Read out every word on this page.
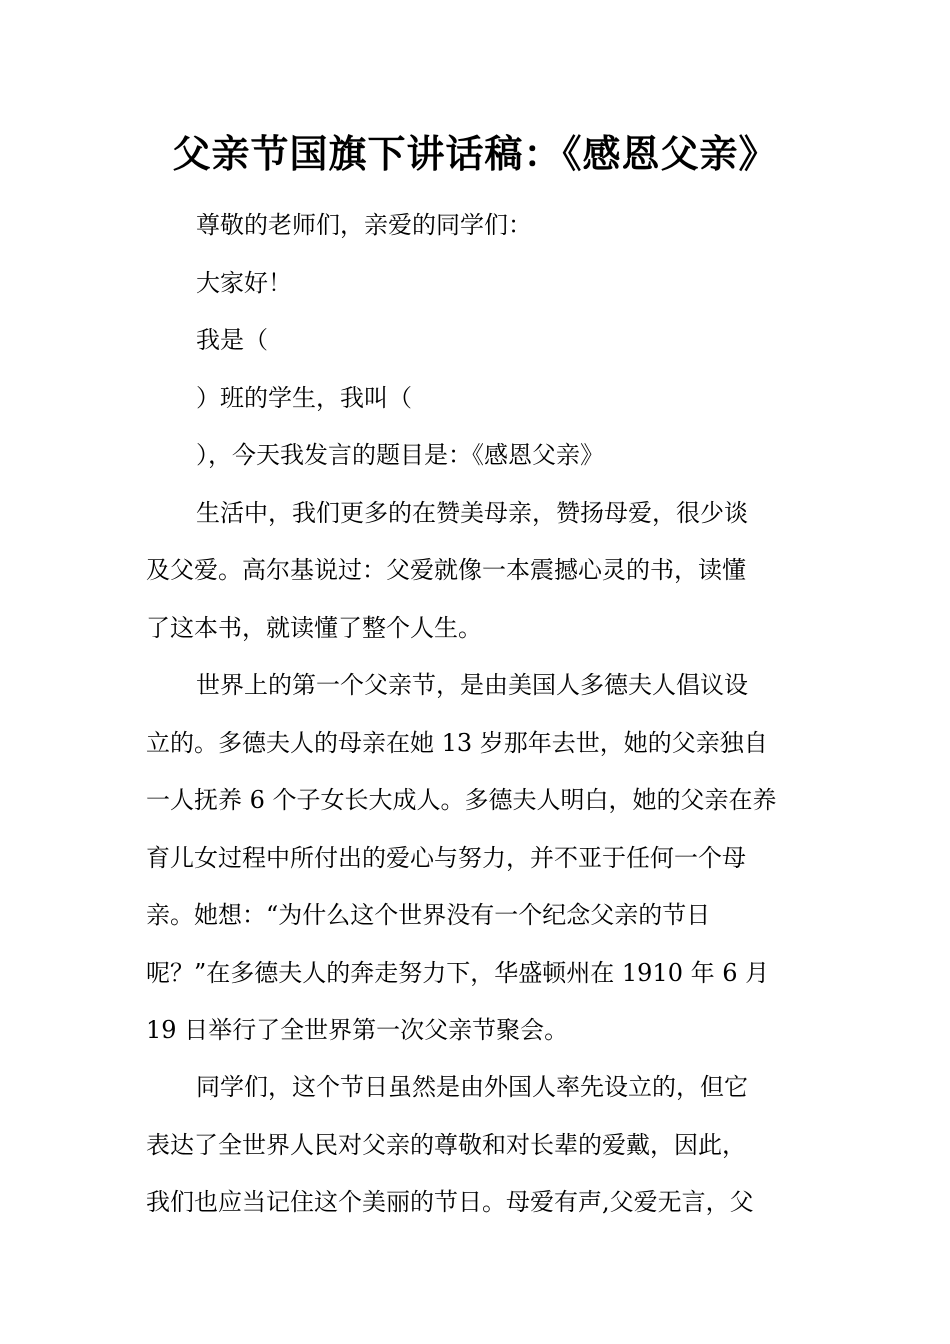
父亲节国旗下讲话稿：《感恩父亲》

尊敬的老师们，亲爱的同学们：

大家好！

我是（

）班的学生，我叫（

），今天我发言的题目是：《感恩父亲》

生活中，我们更多的在赞美母亲，赞扬母爱，很少谈

及父爱。高尔基说过：父爱就像一本震撼心灵的书，读懂

了这本书，就读懂了整个人生。

世界上的第一个父亲节，是由美国人多德夫人倡议设

立的。多德夫人的母亲在她 13 岁那年去世，她的父亲独自

一人抚养 6 个子女长大成人。多德夫人明白，她的父亲在养

育儿女过程中所付出的爱心与努力，并不亚于任何一个母

亲。她想：“为什么这个世界没有一个纪念父亲的节日

呢？”在多德夫人的奔走努力下，华盛顿州在 1910 年 6 月

19 日举行了全世界第一次父亲节聚会。

同学们，这个节日虽然是由外国人率先设立的，但它

表达了全世界人民对父亲的尊敬和对长辈的爱戴，因此，

我们也应当记住这个美丽的节日。母爱有声,父爱无言，父
